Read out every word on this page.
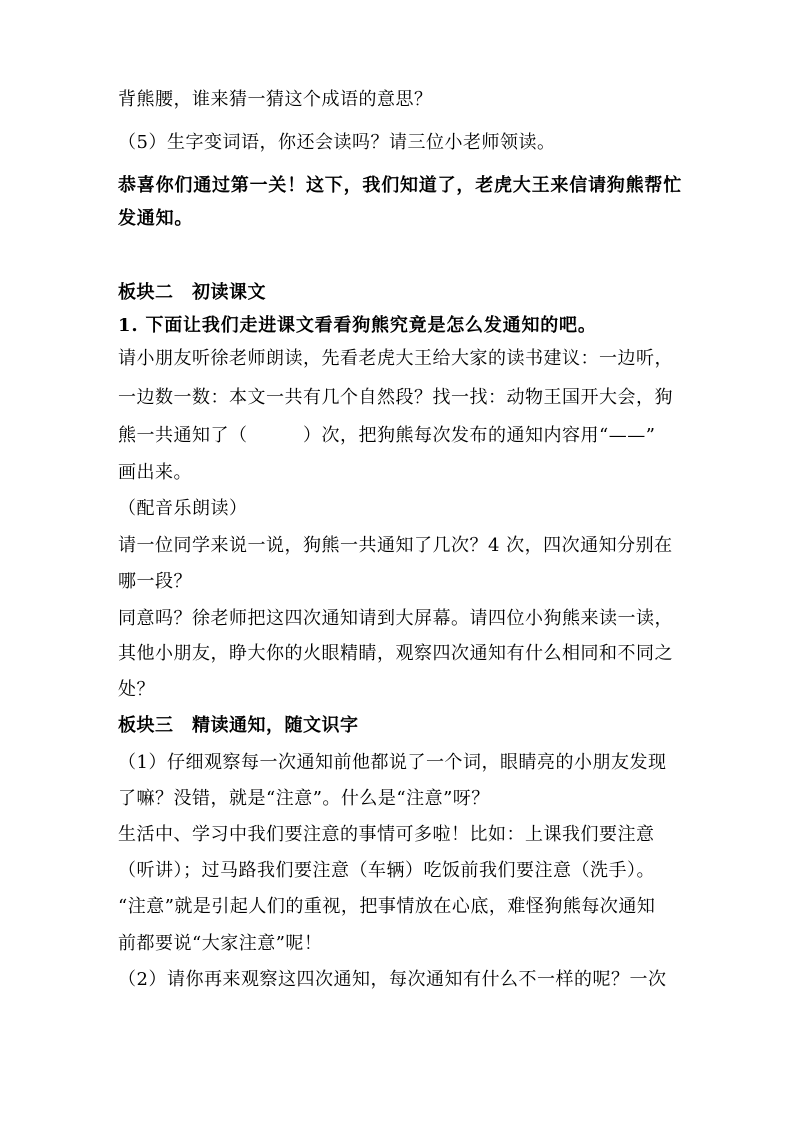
背熊腰，谁来猜一猜这个成语的意思？
（5）生字变词语，你还会读吗？请三位小老师领读。
恭喜你们通过第一关！这下，我们知道了，老虎大王来信请狗熊帮忙
发通知。
板块二　初读课文
1. 下面让我们走进课文看看狗熊究竟是怎么发通知的吧。
请小朋友听徐老师朗读，先看老虎大王给大家的读书建议：一边听，
一边数一数：本文一共有几个自然段？找一找：动物王国开大会，狗
熊一共通知了（　　　）次，把狗熊每次发布的通知内容用“——”
画出来。
（配音乐朗读）
请一位同学来说一说，狗熊一共通知了几次？4 次，四次通知分别在
哪一段？
同意吗？徐老师把这四次通知请到大屏幕。请四位小狗熊来读一读，
其他小朋友，睁大你的火眼精睛，观察四次通知有什么相同和不同之
处？
板块三　精读通知，随文识字
（1）仔细观察每一次通知前他都说了一个词，眼睛亮的小朋友发现
了嘛？没错，就是“注意”。什么是“注意”呀？
生活中、学习中我们要注意的事情可多啦！比如：上课我们要注意
（听讲）；过马路我们要注意（车辆）吃饭前我们要注意（洗手）。
“注意”就是引起人们的重视，把事情放在心底，难怪狗熊每次通知
前都要说“大家注意”呢！
（2）请你再来观察这四次通知，每次通知有什么不一样的呢？一次
